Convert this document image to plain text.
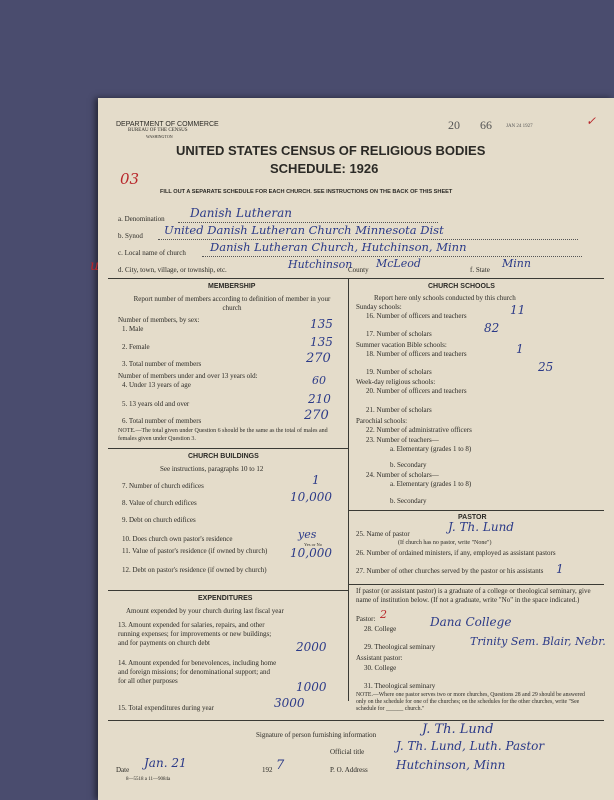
DEPARTMENT OF COMMERCE
BUREAU OF THE CENSUS
WASHINGTON
20 66	JAN 24 1927	✓
UNITED STATES CENSUS OF RELIGIOUS BODIES
SCHEDULE: 1926
03
FILL OUT A SEPARATE SCHEDULE FOR EACH CHURCH. SEE INSTRUCTIONS ON THE BACK OF THIS SHEET
a. Denomination Danish Lutheran
b. Synod United Danish Lutheran Church Minnesota Dist
c. Local name of church Danish Lutheran Church, Hutchinson, Minn
u	d. City, town, village, or township, etc.	Hutchinson
County McLeod	f. State Minn
MEMBERSHIP
Report number of members according to definition of member in your church
Number of members, by sex:
1. Male	135
2. Female	135
3. Total number of members	270
Number of members under and over 13 years old:
4. Under 13 years of age	60
5. 13 years old and over	210
6. Total number of members	270
NOTE.—The total given under Question 6 should be the same as the total of males and females given under Question 3.
CHURCH BUILDINGS
See instructions, paragraphs 10 to 12
7. Number of church edifices	1
8. Value of church edifices	10,000
9. Debt on church edifices
10. Does church own pastor's residence	yes
Yes or No
11. Value of pastor's residence (if owned by church)	10,000
12. Debt on pastor's residence (if owned by church)
EXPENDITURES
Amount expended by your church during last fiscal year
13. Amount expended for salaries, repairs, and other running expenses; for improvements or new buildings; and for payments on church debt	2000
14. Amount expended for benevolences, including home and foreign missions; for denominational support; and for all other purposes	1000
15. Total expenditures during year	3000
CHURCH SCHOOLS
Report here only schools conducted by this church
Sunday schools:
16. Number of officers and teachers	11
17. Number of scholars	82
Summer vacation Bible schools:
18. Number of officers and teachers	1
19. Number of scholars	25
Week-day religious schools:
20. Number of officers and teachers
21. Number of scholars
Parochial schools:
22. Number of administrative officers
23. Number of teachers—
a. Elementary (grades 1 to 8)
b. Secondary
24. Number of scholars—
a. Elementary (grades 1 to 8)
b. Secondary
PASTOR
25. Name of pastor	J. Th. Lund
(If church has no pastor, write "None")
26. Number of ordained ministers, if any, employed as assistant pastors
27. Number of other churches served by the pastor or his assistants 1
If pastor (or assistant pastor) is a graduate of a college or theological seminary, give name of institution below. (If not a graduate, write "No" in the space indicated.)
Pastor: 2
28. College	Dana College
29. Theological seminary	Trinity Sem. Blair, Nebr.
Assistant pastor:
30. College
31. Theological seminary
NOTE.—Where one pastor serves two or more churches, Questions 28 and 29 should be answered only on the schedule for one of the churches; on the schedules for the other churches, write "See schedule for ______ church."
Signature of person furnishing information	J. Th. Lund
Official title	J. Th. Lund, Luth. Pastor
Date Jan. 21	192 7	P. O. Address Hutchinson, Minn
8—5518 a 11—9084a
